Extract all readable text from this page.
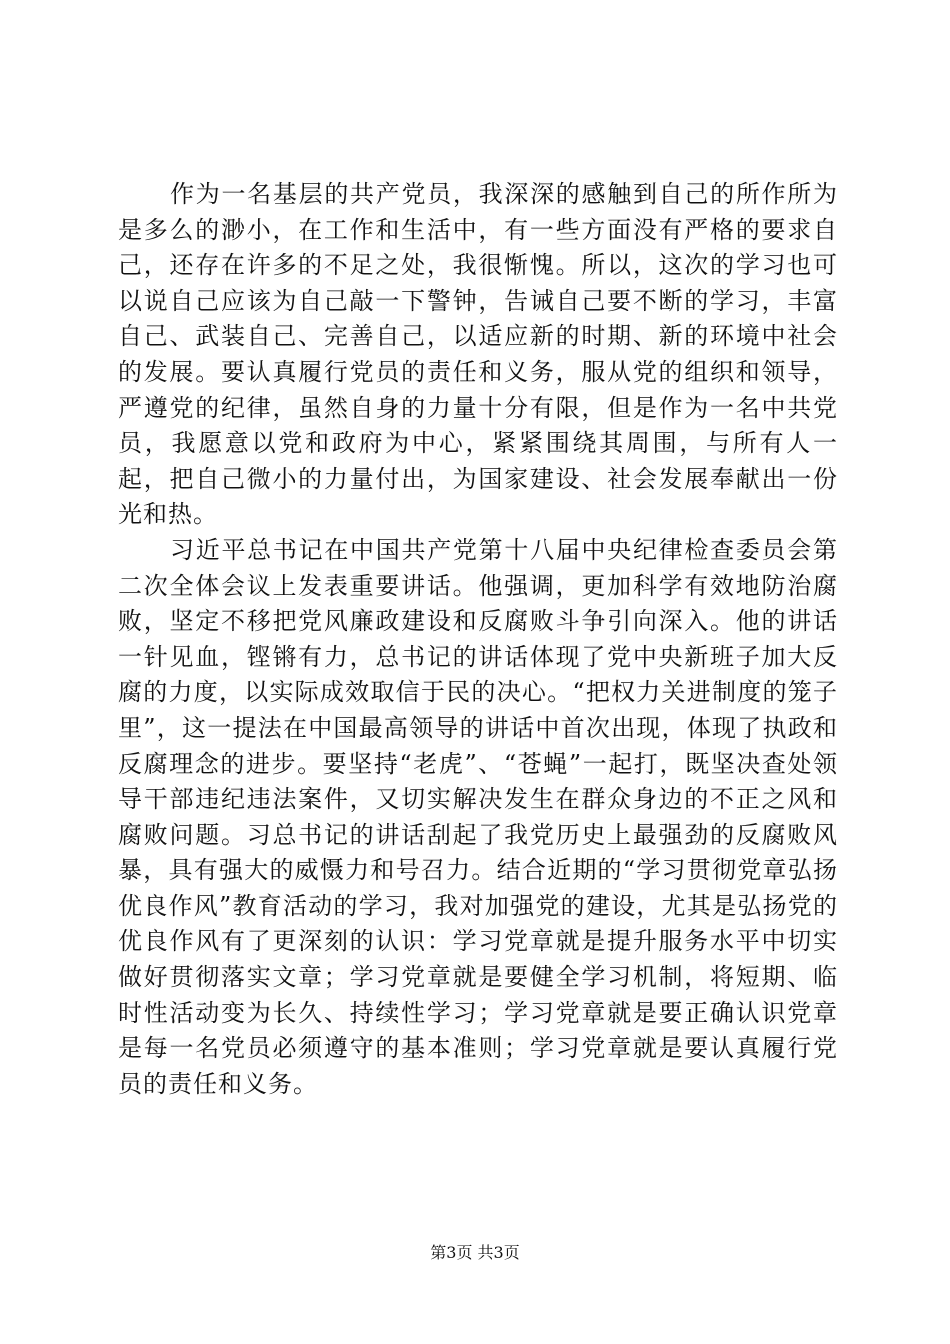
作为一名基层的共产党员，我深深的感触到自己的所作所为是多么的渺小，在工作和生活中，有一些方面没有严格的要求自己，还存在许多的不足之处，我很惭愧。所以，这次的学习也可以说自己应该为自己敲一下警钟，告诫自己要不断的学习，丰富自己、武装自己、完善自己，以适应新的时期、新的环境中社会的发展。要认真履行党员的责任和义务，服从党的组织和领导，严遵党的纪律，虽然自身的力量十分有限，但是作为一名中共党员，我愿意以党和政府为中心，紧紧围绕其周围，与所有人一起，把自己微小的力量付出，为国家建设、社会发展奉献出一份光和热。

习近平总书记在中国共产党第十八届中央纪律检查委员会第二次全体会议上发表重要讲话。他强调，更加科学有效地防治腐败，坚定不移把党风廉政建设和反腐败斗争引向深入。他的讲话一针见血，铿锵有力，总书记的讲话体现了党中央新班子加大反腐的力度，以实际成效取信于民的决心。“把权力关进制度的笼子里”，这一提法在中国最高领导的讲话中首次出现，体现了执政和反腐理念的进步。要坚持“老虎”、“苍蝇”一起打，既坚决查处领导干部违纪违法案件，又切实解决发生在群众身边的不正之风和腐败问题。习总书记的讲话刮起了我党历史上最强劲的反腐败风暴，具有强大的威慑力和号召力。结合近期的“学习贯彻党章弘扬优良作风”教育活动的学习，我对加强党的建设，尤其是弘扬党的优良作风有了更深刻的认识：学习党章就是提升服务水平中切实做好贯彻落实文章；学习党章就是要健全学习机制，将短期、临时性活动变为长久、持续性学习；学习党章就是要正确认识党章是每一名党员必须遵守的基本准则；学习党章就是要认真履行党员的责任和义务。

第3页 共3页
